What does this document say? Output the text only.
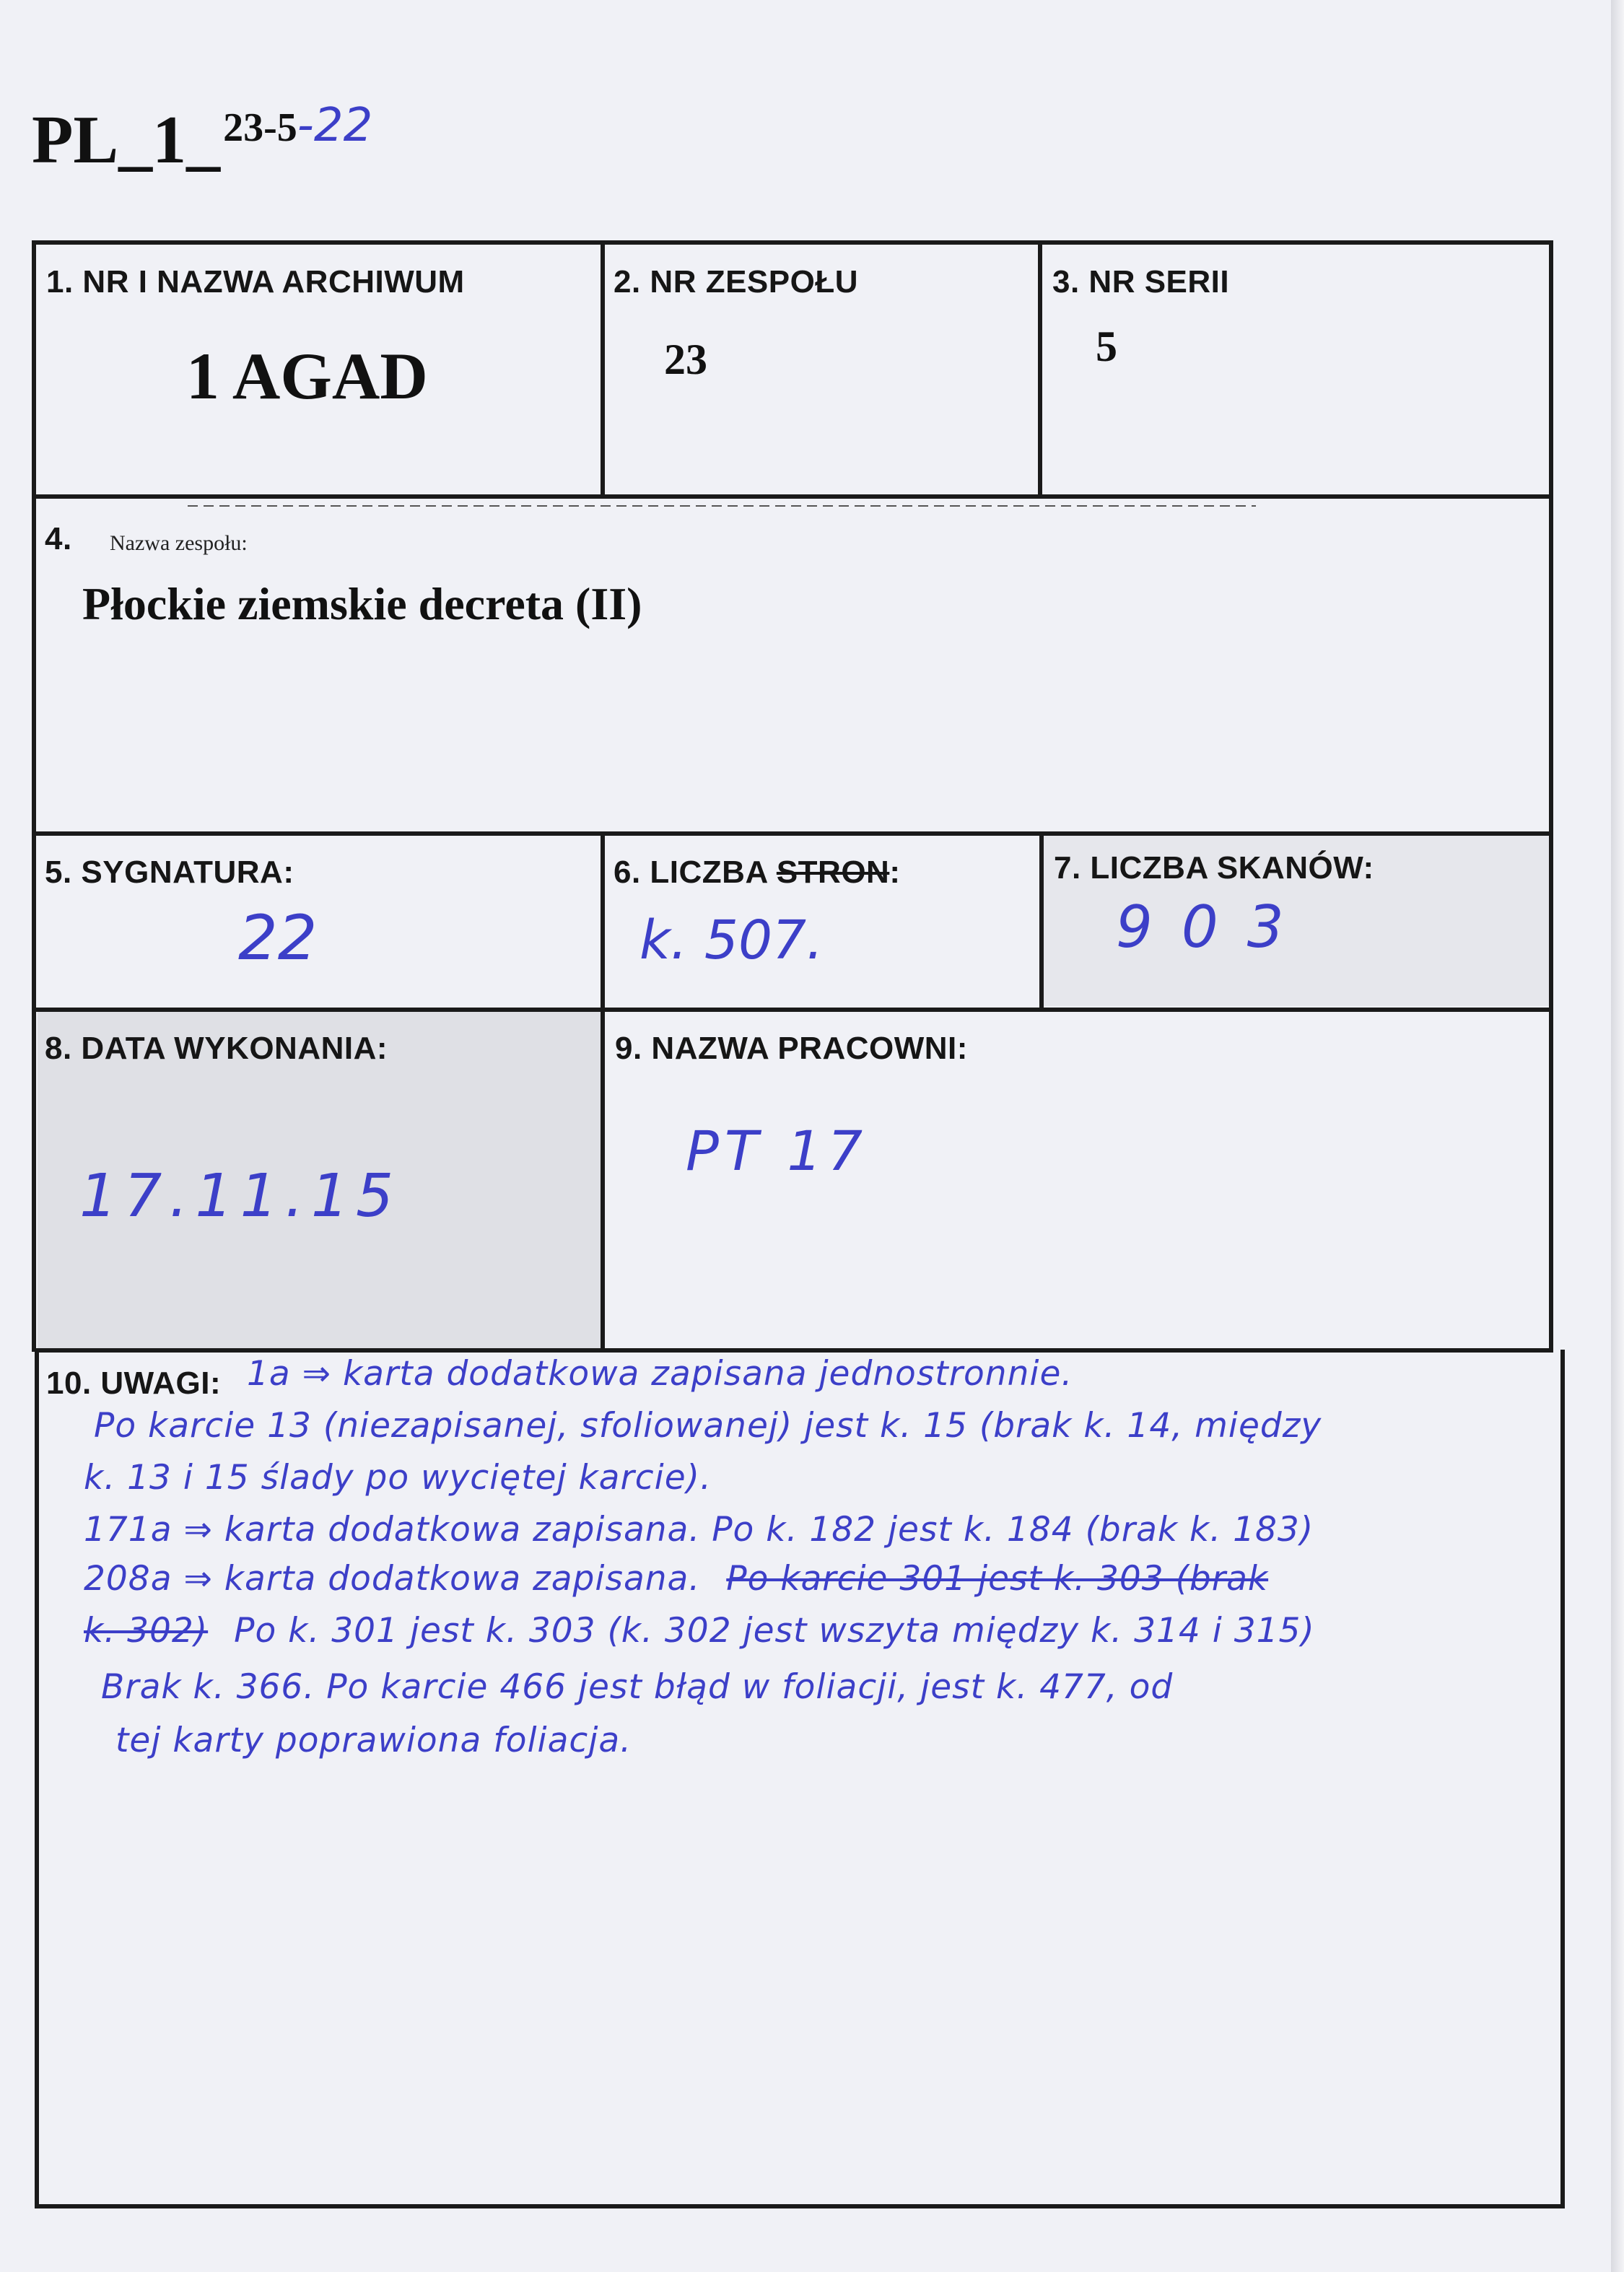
PL_1_23-5-22
1. NR I NAZWA ARCHIWUM
1 AGAD
2. NR ZESPOŁU
23
3. NR SERII
5
4. Nazwa zespołu:
Płockie ziemskie decreta (II)
5. SYGNATURA:
22
6. LICZBA STRON:
k. 507.
7. LICZBA SKANÓW:
903
8. DATA WYKONANIA:
17.11.15
9. NAZWA PRACOWNI:
PT 17
10. UWAGI: 1a ⇒ karta dodatkowa zapisana jednostronnie.
Po karcie 13 (niezapisanej, sfoliowanej) jest k. 15 (brak k. 14, między
k. 13 i 15 ślady po wyciętej karcie).
171a ⇒ karta dodatkowa zapisana. Po k. 182 jest k. 184 (brak k. 183)
208a ⇒ karta dodatkowa zapisana. Po karcie 301 jest k. 303 (brak
k. 302) Po k. 301 jest k. 303 (k. 302 jest wszyta między k. 314 i 315)
Brak k. 366. Po karcie 466 jest błąd w foliacji, jest k. 477, od
tej karty poprawiona foliacja.
